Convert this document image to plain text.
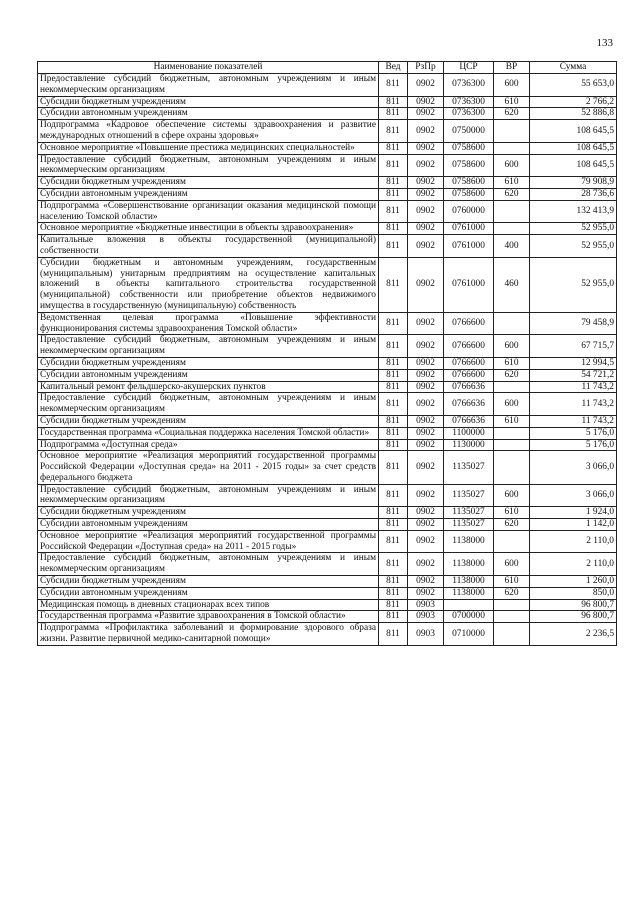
133
Наименование показателей	Вед	РзПр	ЦСР	ВР	Сумма
Предоставление субсидий бюджетным, автономным учреждениям и иным некоммерческим организациям	811	0902	0736300	600	55 653,0
Субсидии бюджетным учреждениям	811	0902	0736300	610	2 766,2
Субсидии автономным учреждениям	811	0902	0736300	620	52 886,8
Подпрограмма «Кадровое обеспечение системы здравоохранения и развитие международных отношений в сфере охраны здоровья»	811	0902	0750000		108 645,5
Основное мероприятие «Повышение престижа медицинских специальностей»	811	0902	0758600		108 645,5
Предоставление субсидий бюджетным, автономным учреждениям и иным некоммерческим организациям	811	0902	0758600	600	108 645,5
Субсидии бюджетным учреждениям	811	0902	0758600	610	79 908,9
Субсидии автономным учреждениям	811	0902	0758600	620	28 736,6
Подпрограмма «Совершенствование организации оказания медицинской помощи населению Томской области»	811	0902	0760000		132 413,9
Основное мероприятие «Бюджетные инвестиции в объекты здравоохранения»	811	0902	0761000		52 955,0
Капитальные вложения в объекты государственной (муниципальной) собственности	811	0902	0761000	400	52 955,0
Субсидии бюджетным и автономным учреждениям, государственным (муниципальным) унитарным предприятиям на осуществление капитальных вложений в объекты капитального строительства государственной (муниципальной) собственности или приобретение объектов недвижимого имущества в государственную (муниципальную) собственность	811	0902	0761000	460	52 955,0
Ведомственная целевая программа «Повышение эффективности функционирования системы здравоохранения Томской области»	811	0902	0766600		79 458,9
Предоставление субсидий бюджетным, автономным учреждениям и иным некоммерческим организациям	811	0902	0766600	600	67 715,7
Субсидии бюджетным учреждениям	811	0902	0766600	610	12 994,5
Субсидии автономным учреждениям	811	0902	0766600	620	54 721,2
Капитальный ремонт фельдшерско-акушерских пунктов	811	0902	0766636		11 743,2
Предоставление субсидий бюджетным, автономным учреждениям и иным некоммерческим организациям	811	0902	0766636	600	11 743,2
Субсидии бюджетным учреждениям	811	0902	0766636	610	11 743,2
Государственная программа «Социальная поддержка населения Томской области»	811	0902	1100000		5 176,0
Подпрограмма «Доступная среда»	811	0902	1130000		5 176,0
Основное мероприятие «Реализация мероприятий государственной программы Российской Федерации «Доступная среда» на 2011 - 2015 годы» за счет средств федерального бюджета	811	0902	1135027		3 066,0
Предоставление субсидий бюджетным, автономным учреждениям и иным некоммерческим организациям	811	0902	1135027	600	3 066,0
Субсидии бюджетным учреждениям	811	0902	1135027	610	1 924,0
Субсидии автономным учреждениям	811	0902	1135027	620	1 142,0
Основное мероприятие «Реализация мероприятий государственной программы Российской Федерации «Доступная среда» на 2011 - 2015 годы»	811	0902	1138000		2 110,0
Предоставление субсидий бюджетным, автономным учреждениям и иным некоммерческим организациям	811	0902	1138000	600	2 110,0
Субсидии бюджетным учреждениям	811	0902	1138000	610	1 260,0
Субсидии автономным учреждениям	811	0902	1138000	620	850,0
Медицинская помощь в дневных стационарах всех типов	811	0903			96 800,7
Государственная программа «Развитие здравоохранения в Томской области»	811	0903	0700000		96 800,7
Подпрограмма «Профилактика заболеваний и формирование здорового образа жизни. Развитие первичной медико-санитарной помощи»	811	0903	0710000		2 236,5
